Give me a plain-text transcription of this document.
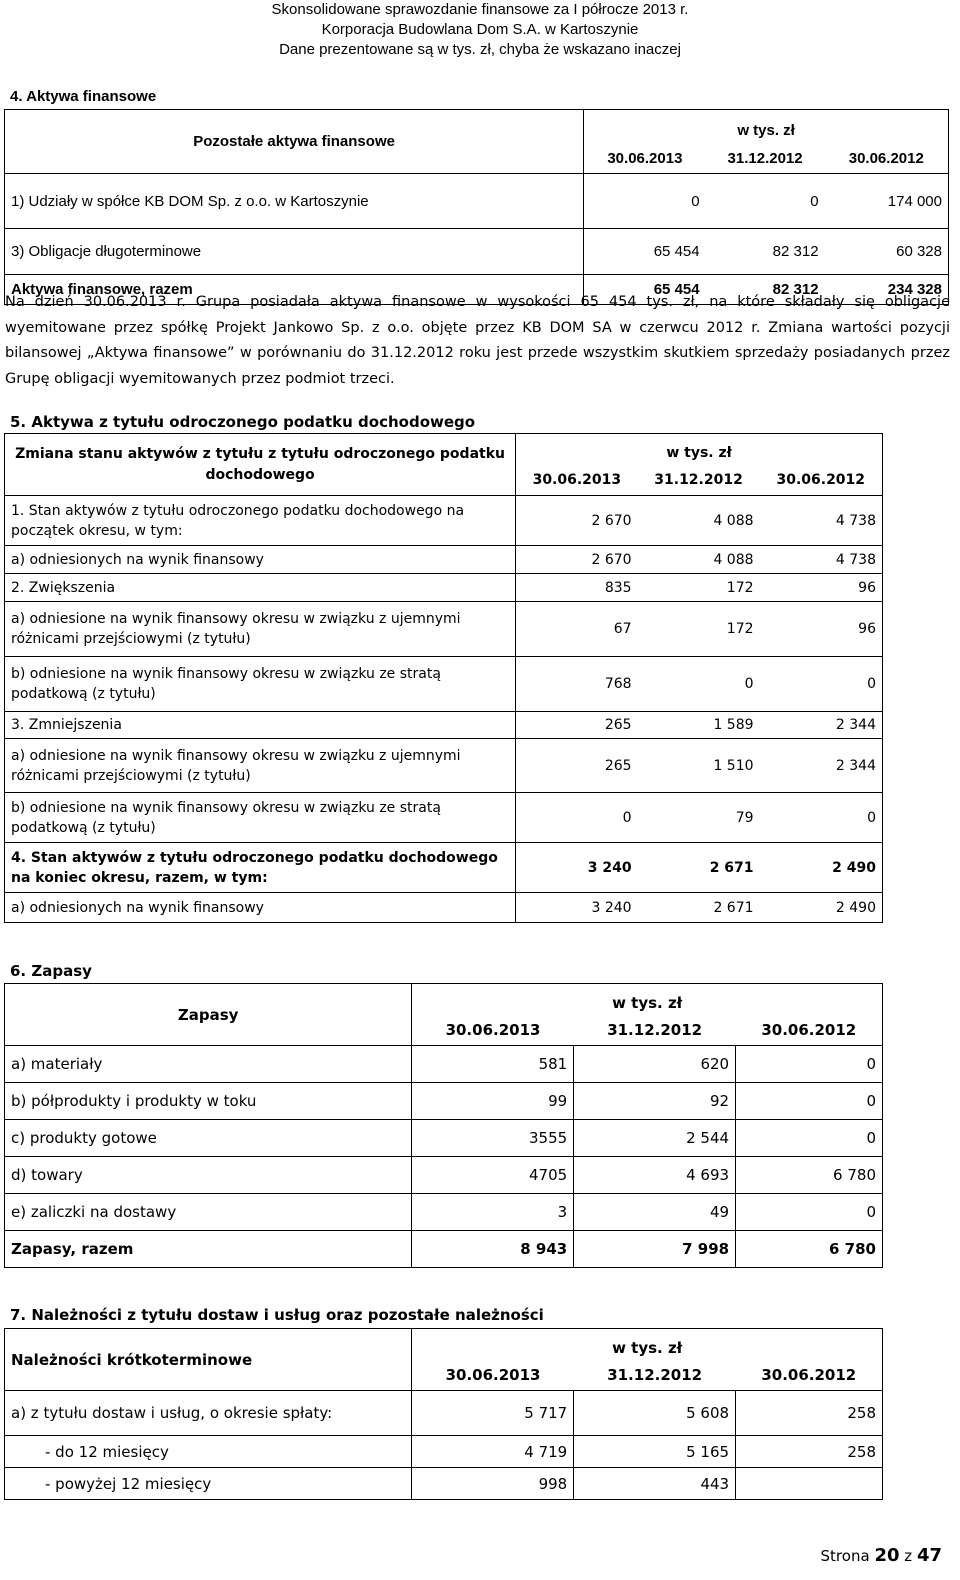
Skonsolidowane sprawozdanie finansowe za I półrocze 2013 r.
Korporacja Budowlana Dom S.A. w Kartoszynie
Dane prezentowane są w tys. zł, chyba że wskazano inaczej
4. Aktywa finansowe
Pozostałe aktywa finansowe	w tys. zł		
	30.06.2013	31.12.2012	30.06.2012
1) Udziały w spółce KB DOM Sp. z o.o. w Kartoszynie	0	0	174 000
3) Obligacje długoterminowe	65 454	82 312	60 328
Aktywa finansowe, razem	65 454	82 312	234 328
Na dzień 30.06.2013 r. Grupa posiadała aktywa finansowe w wysokości 65 454 tys. zł, na które składały się obligacje wyemitowane przez spółkę Projekt Jankowo Sp. z o.o. objęte przez KB DOM SA w czerwcu 2012 r. Zmiana wartości pozycji bilansowej „Aktywa finansowe” w porównaniu do 31.12.2012 roku jest przede wszystkim skutkiem sprzedaży posiadanych przez Grupę obligacji wyemitowanych przez podmiot trzeci.
5. Aktywa z tytułu odroczonego podatku dochodowego
Zmiana stanu aktywów z tytułu z tytułu odroczonego podatku dochodowego	w tys. zł		
	30.06.2013	31.12.2012	30.06.2012
1. Stan aktywów z tytułu odroczonego podatku dochodowego na początek okresu, w tym:	2 670	4 088	4 738
a) odniesionych na wynik finansowy	2 670	4 088	4 738
2. Zwiększenia	835	172	96
a) odniesione na wynik finansowy okresu w związku z ujemnymi różnicami przejściowymi (z tytułu)	67	172	96
b) odniesione na wynik finansowy okresu w związku ze stratą podatkową (z tytułu)	768	0	0
3. Zmniejszenia	265	1 589	2 344
a) odniesione na wynik finansowy okresu w związku z ujemnymi różnicami przejściowymi (z tytułu)	265	1 510	2 344
b) odniesione na wynik finansowy okresu w związku ze stratą podatkową (z tytułu)	0	79	0
4. Stan aktywów z tytułu odroczonego podatku dochodowego na koniec okresu, razem, w tym:	3 240	2 671	2 490
a) odniesionych na wynik finansowy	3 240	2 671	2 490
6. Zapasy
Zapasy	w tys. zł		
	30.06.2013	31.12.2012	30.06.2012
a) materiały	581	620	0
b) półprodukty i produkty w toku	99	92	0
c) produkty gotowe	3555	2 544	0
d) towary	4705	4 693	6 780
e) zaliczki na dostawy	3	49	0
Zapasy, razem	8 943	7 998	6 780
7. Należności z tytułu dostaw i usług oraz pozostałe należności
Należności krótkoterminowe	w tys. zł		
	30.06.2013	31.12.2012	30.06.2012
a) z tytułu dostaw i usług, o okresie spłaty:	5 717	5 608	258
- do 12 miesięcy	4 719	5 165	258
- powyżej 12 miesięcy	998	443	
Strona 20 z 47
